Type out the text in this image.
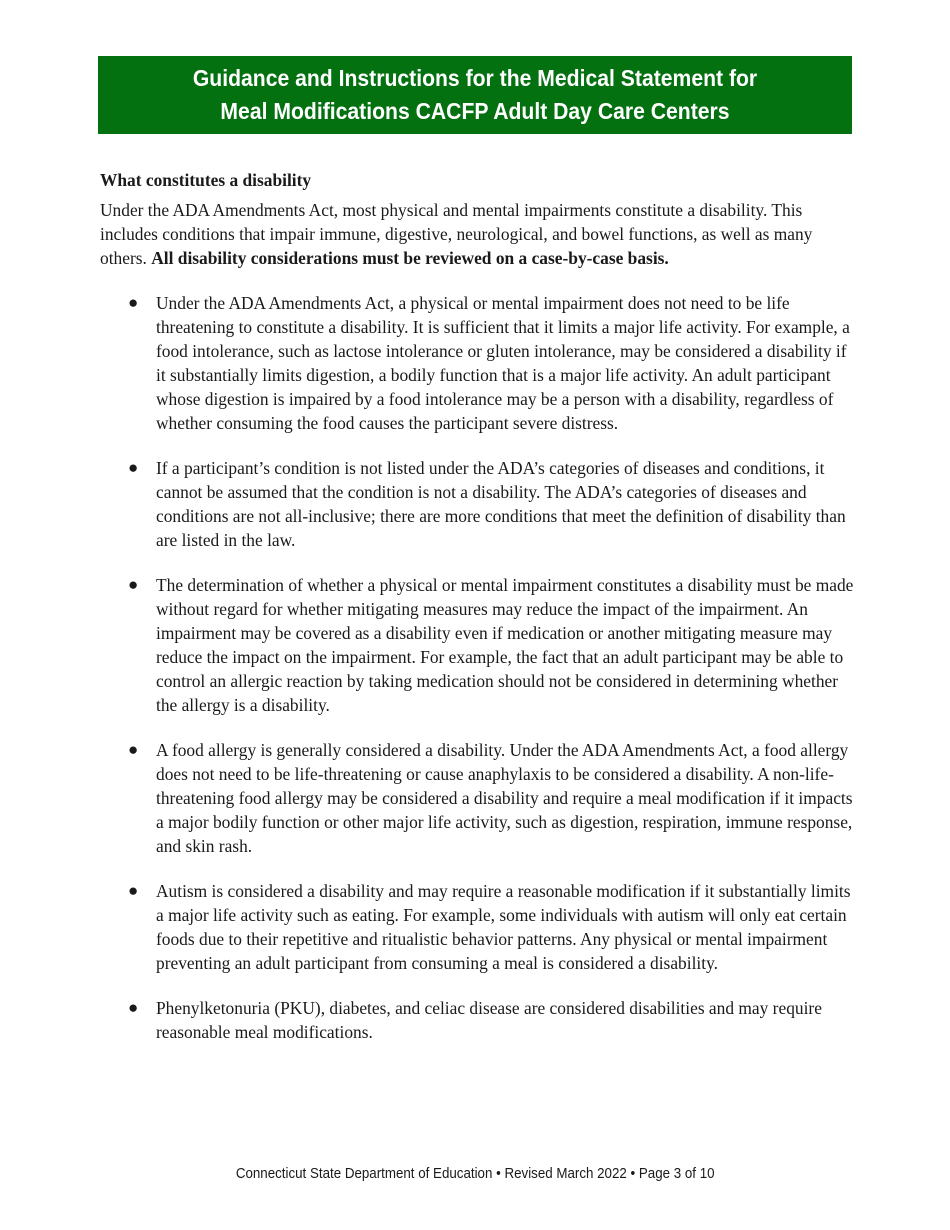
Guidance and Instructions for the Medical Statement for
Meal Modifications CACFP Adult Day Care Centers

What constitutes a disability

Under the ADA Amendments Act, most physical and mental impairments constitute a disability. This includes conditions that impair immune, digestive, neurological, and bowel functions, as well as many others. All disability considerations must be reviewed on a case-by-case basis.

● Under the ADA Amendments Act, a physical or mental impairment does not need to be life threatening to constitute a disability. It is sufficient that it limits a major life activity. For example, a food intolerance, such as lactose intolerance or gluten intolerance, may be considered a disability if it substantially limits digestion, a bodily function that is a major life activity. An adult participant whose digestion is impaired by a food intolerance may be a person with a disability, regardless of whether consuming the food causes the participant severe distress.
● If a participant’s condition is not listed under the ADA’s categories of diseases and conditions, it cannot be assumed that the condition is not a disability. The ADA’s categories of diseases and conditions are not all-inclusive; there are more conditions that meet the definition of disability than are listed in the law.
● The determination of whether a physical or mental impairment constitutes a disability must be made without regard for whether mitigating measures may reduce the impact of the impairment. An impairment may be covered as a disability even if medication or another mitigating measure may reduce the impact on the impairment. For example, the fact that an adult participant may be able to control an allergic reaction by taking medication should not be considered in determining whether the allergy is a disability.
● A food allergy is generally considered a disability. Under the ADA Amendments Act, a food allergy does not need to be life-threatening or cause anaphylaxis to be considered a disability. A non-life-threatening food allergy may be considered a disability and require a meal modification if it impacts a major bodily function or other major life activity, such as digestion, respiration, immune response, and skin rash.
● Autism is considered a disability and may require a reasonable modification if it substantially limits a major life activity such as eating. For example, some individuals with autism will only eat certain foods due to their repetitive and ritualistic behavior patterns. Any physical or mental impairment preventing an adult participant from consuming a meal is considered a disability.
● Phenylketonuria (PKU), diabetes, and celiac disease are considered disabilities and may require reasonable meal modifications.
Connecticut State Department of Education • Revised March 2022 • Page 3 of 10
